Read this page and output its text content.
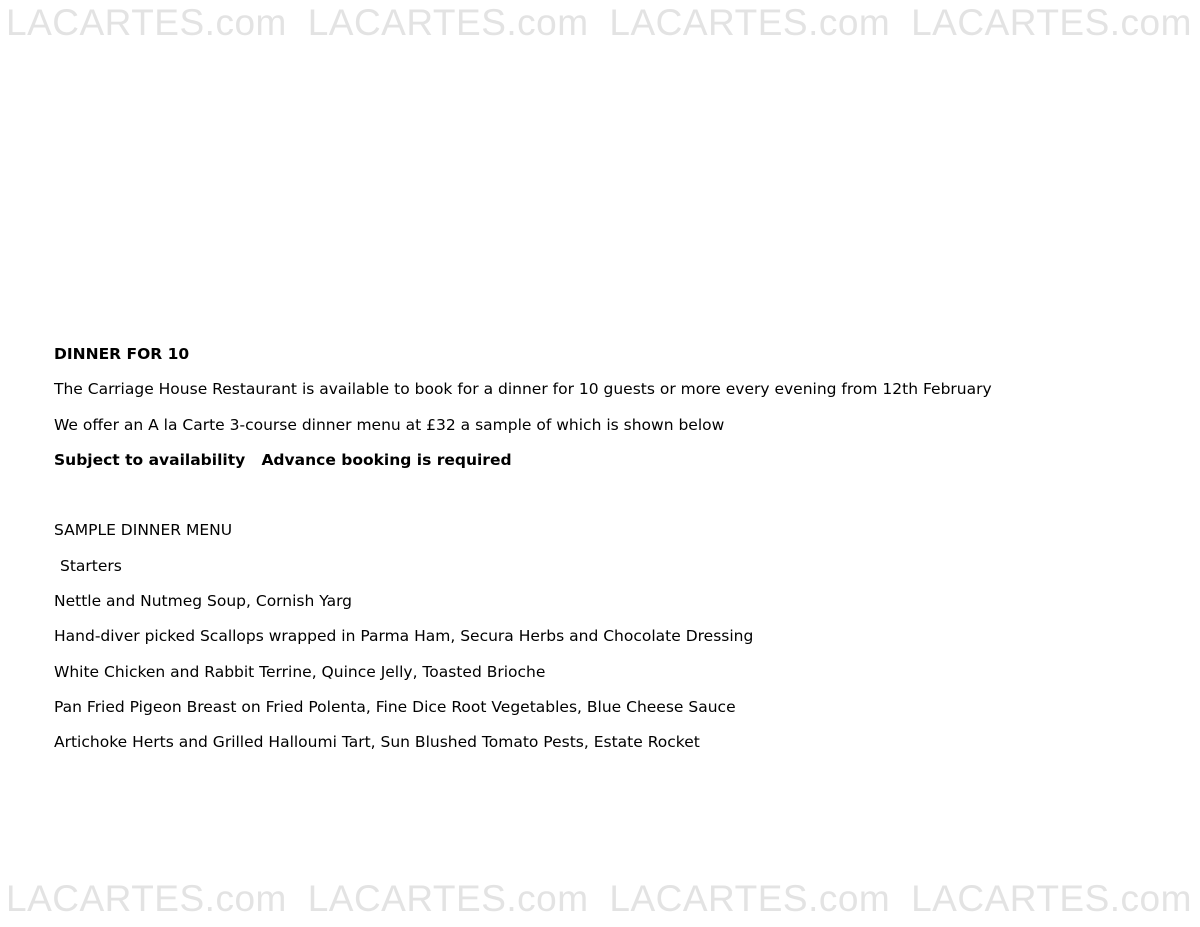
LACARTES.com LACARTES.com LACARTES.com LACARTES.com

DINNER FOR 10

The Carriage House Restaurant is available to book for a dinner for 10 guests or more every evening from 12th February

We offer an A la Carte 3-course dinner menu at £32 a sample of which is shown below

Subject to availability Advance booking is required

SAMPLE DINNER MENU

Starters

Nettle and Nutmeg Soup, Cornish Yarg

Hand-diver picked Scallops wrapped in Parma Ham, Secura Herbs and Chocolate Dressing

White Chicken and Rabbit Terrine, Quince Jelly, Toasted Brioche

Pan Fried Pigeon Breast on Fried Polenta, Fine Dice Root Vegetables, Blue Cheese Sauce

Artichoke Herts and Grilled Halloumi Tart, Sun Blushed Tomato Pests, Estate Rocket

LACARTES.com LACARTES.com LACARTES.com LACARTES.com
